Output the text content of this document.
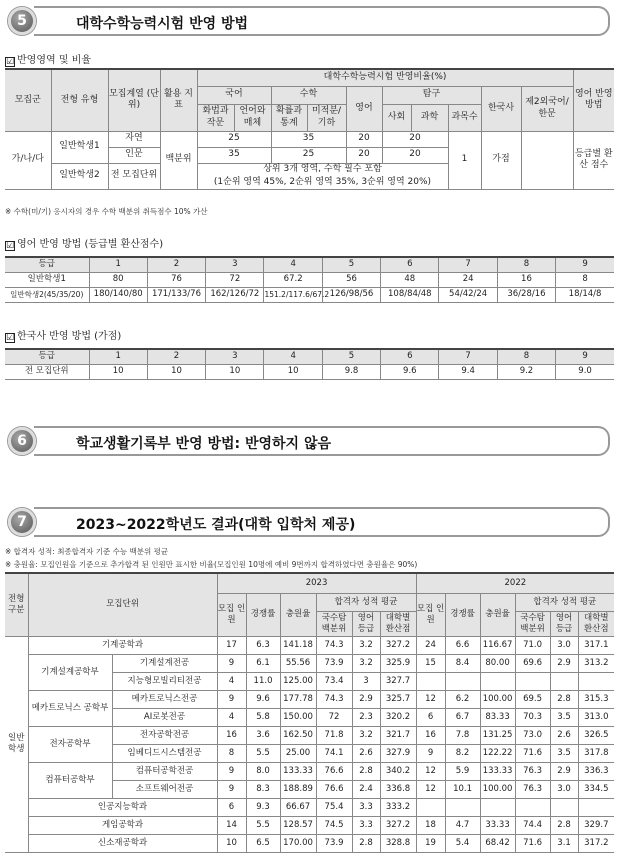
5	대학수학능력시험 반영 방법
☑ 반영영역 및 비율
모집군	전형 유형	모집계열 (단위)	활용 지표	대학수학능력시험 반영비율(%)										영어 반영 방법
				국어		수학		영어	탐구			한국사	제2외국어/ 한문	
				화법과 작문	언어와 매체	확률과 통계	미적분/ 기하		사회	과학	과목수			
가/나/다	일반학생1	자연	백분위	25		35		20	20		1	가점		등급별 환산 점수
		인문		35		25		20	20					
	일반학생2	전 모집단위		상위 3개 영역, 수학 필수 포함										
				(1순위 영역 45%, 2순위 영역 35%, 3순위 영역 20%)										
※ 수학(미/기) 응시자의 경우 수학 백분위 취득점수 10% 가산
☑ 영어 반영 방법 (등급별 환산점수)
등급	1	2	3	4	5	6	7	8	9
일반학생1	80	76	72	67.2	56	48	24	16	8
일반학생2(45/35/20)	180/140/80	171/133/76	162/126/72	151.2/117.6/67.2	126/98/56	108/84/48	54/42/24	36/28/16	18/14/8
☑ 한국사 반영 방법 (가점)
등급	1	2	3	4	5	6	7	8	9
전 모집단위	10	10	10	10	9.8	9.6	9.4	9.2	9.0
6	학교생활기록부 반영 방법: 반영하지 않음
7	2023~2022학년도 결과(대학 입학처 제공)
※ 합격자 성적: 최종합격자 기준 수능 백분위 평균
※ 충원율: 모집인원을 기준으로 추가합격 된 인원만 표시한 비율(모집인원 10명에 예비 9번까지 합격하였다면 충원율은 90%)
전형 구분	모집단위		2023						2022					
			모집 인원	경쟁률	충원율	합격자 성적 평균			모집 인원	경쟁률	충원율	합격자 성적 평균		
						국수탐 백분위	영어 등급	대학별 환산점				국수탐 백분위	영어 등급	대학별 환산점
일반 학생	기계공학과		17	6.3	141.18	74.3	3.2	327.2	24	6.6	116.67	71.0	3.0	317.1
	기계설계공학부	기계설계전공	9	6.1	55.56	73.9	3.2	325.9	15	8.4	80.00	69.6	2.9	313.2
		지능형모빌리티전공	4	11.0	125.00	73.4	3	327.7						
	메카트로닉스 공학부	메카트로닉스전공	9	9.6	177.78	74.3	2.9	325.7	12	6.2	100.00	69.5	2.8	315.3
		AI로봇전공	4	5.8	150.00	72	2.3	320.2	6	6.7	83.33	70.3	3.5	313.0
	전자공학부	전자공학전공	16	3.6	162.50	71.8	3.2	321.7	16	7.8	131.25	73.0	2.6	326.5
		임베디드시스템전공	8	5.5	25.00	74.1	2.6	327.9	9	8.2	122.22	71.6	3.5	317.8
	컴퓨터공학부	컴퓨터공학전공	9	8.0	133.33	76.6	2.8	340.2	12	5.9	133.33	76.3	2.9	336.3
		소프트웨어전공	9	8.3	188.89	76.6	2.4	336.8	12	10.1	100.00	76.3	3.0	334.5
	인공지능학과		6	9.3	66.67	75.4	3.3	333.2						
	게임공학과		14	5.5	128.57	74.5	3.3	327.2	18	4.7	33.33	74.4	2.8	329.7
	신소재공학과		10	6.5	170.00	73.9	2.8	328.8	19	5.4	68.42	71.6	3.1	317.2
